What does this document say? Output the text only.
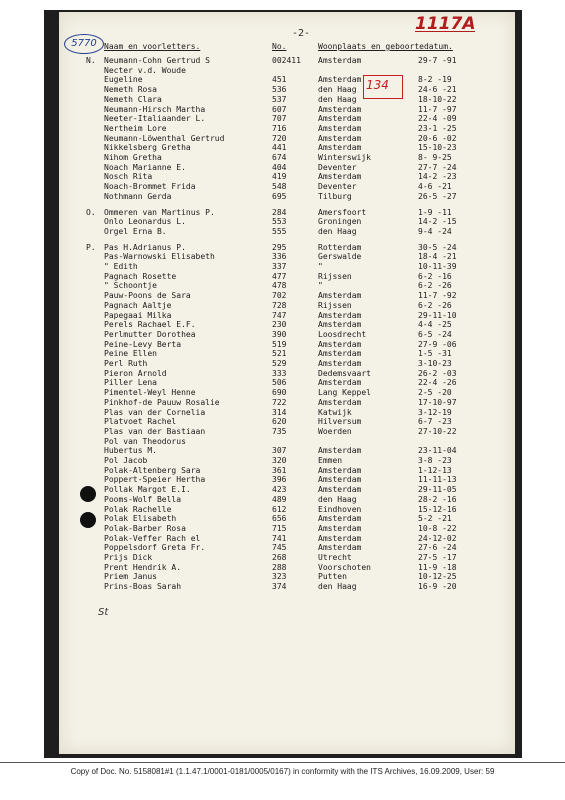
-2-	1117A
5770
134
Naam en voorletters.	No.	Woonplaats en geboortedatum.
N. Neumann-Cohn Gertrud S	002411 Amsterdam	29-7 -91
Necter v.d. Woude
Eugeline	451	Amsterdam	8-2 -19
Nemeth Rosa	536	den Haag	24-6 -21
Nemeth Clara	537	den Haag	18-10-22
Neumann-Hirsch Martha	607	Amsterdam	11-7 -97
Neeter-Italiaander L.	707	Amsterdam	22-4 -09
Nertheim Lore	716	Amsterdam	23-1 -25
Neumann-Löwenthal Gertrud	720	Amsterdam	20-6 -02
Nikkelsberg Gretha	441	Amsterdam	15-10-23
Nihom Gretha	674	Winterswijk	8- 9-25
Noach Marianne E.	404	Deventer	27-7 -24
Nosch Rita	419	Amsterdam	14-2 -23
Noach-Brommet Frida	548	Deventer	4-6 -21
Nothmann Gerda	695	Tilburg	26-5 -27
O. Ommeren van Martinus P.	284	Amersfoort	1-9 -11
Onlo Leonardus L.	553	Groningen	14-2 -15
Orgel Erna B.	555	den Haag	9-4 -24
P. Pas H.Adrianus P.	295	Rotterdam	30-5 -24
Pas-Warnowski Elisabeth	336	Gerswalde	18-4 -21
" Edith	337	"	10-11-39
Pagnach Rosette	477	Rijssen	6-2 -16
" Schoontje	478	"	6-2 -26
Pauw-Poons de Sara	702	Amsterdam	11-7 -92
Pagnach Aaltje	728	Rijssen	6-2 -26
Papegaai Milka	747	Amsterdam	29-11-10
Perels Rachael E.F.	230	Amsterdam	4-4 -25
Perlmutter Dorothea	390	Loosdrecht	6-5 -24
Peine-Levy Berta	519	Amsterdam	27-9 -06
Peine Ellen	521	Amsterdam	1-5 -31
Perl Ruth	529	Amsterdam	3-10-23
Pieron Arnold	333	Dedemsvaart	26-2 -03
Piller Lena	506	Amsterdam	22-4 -26
Pimentel-Weyl Henne	690	Lang Keppel	2-5 -20
Pinkhof-de Pauuw Rosalie	722	Amsterdam	17-10-97
Plas van der Cornelia	314	Katwijk	3-12-19
Platvoet Rachel	620	Hilversum	6-7 -23
Plas van der Bastiaan	735	Woerden	27-10-22
Pol van Theodorus
Hubertus M.	307	Amsterdam	23-11-04
Pol Jacob	320	Emmen	3-8 -23
Polak-Altenberg Sara	361	Amsterdam	1-12-13
Poppert-Speier Hertha	396	Amsterdam	11-11-13
Pollak Margot E.I.	423	Amsterdam	29-11-05
Pooms-Wolf Bella	489	den Haag	28-2 -16
Polak Rachelle	612	Eindhoven	15-12-16
Polak Elisabeth	656	Amsterdam	5-2 -21
Polak-Barber Rosa	715	Amsterdam	10-8 -22
Polak-Veffer Rach el	741	Amsterdam	24-12-02
Poppelsdorf Greta Fr.	745	Amsterdam	27-6 -24
Prijs Dick	268	Utrecht	27-5 -17
Prent Hendrik A.	288	Voorschoten	11-9 -18
Priem Janus	323	Putten	10-12-25
Prins-Boas Sarah	374	den Haag	16-9 -20
St
Copy of Doc. No. 5158081#1 (1.1.47.1/0001-0181/0005/0167) in conformity with the ITS Archives, 16.09.2009, User: 59
